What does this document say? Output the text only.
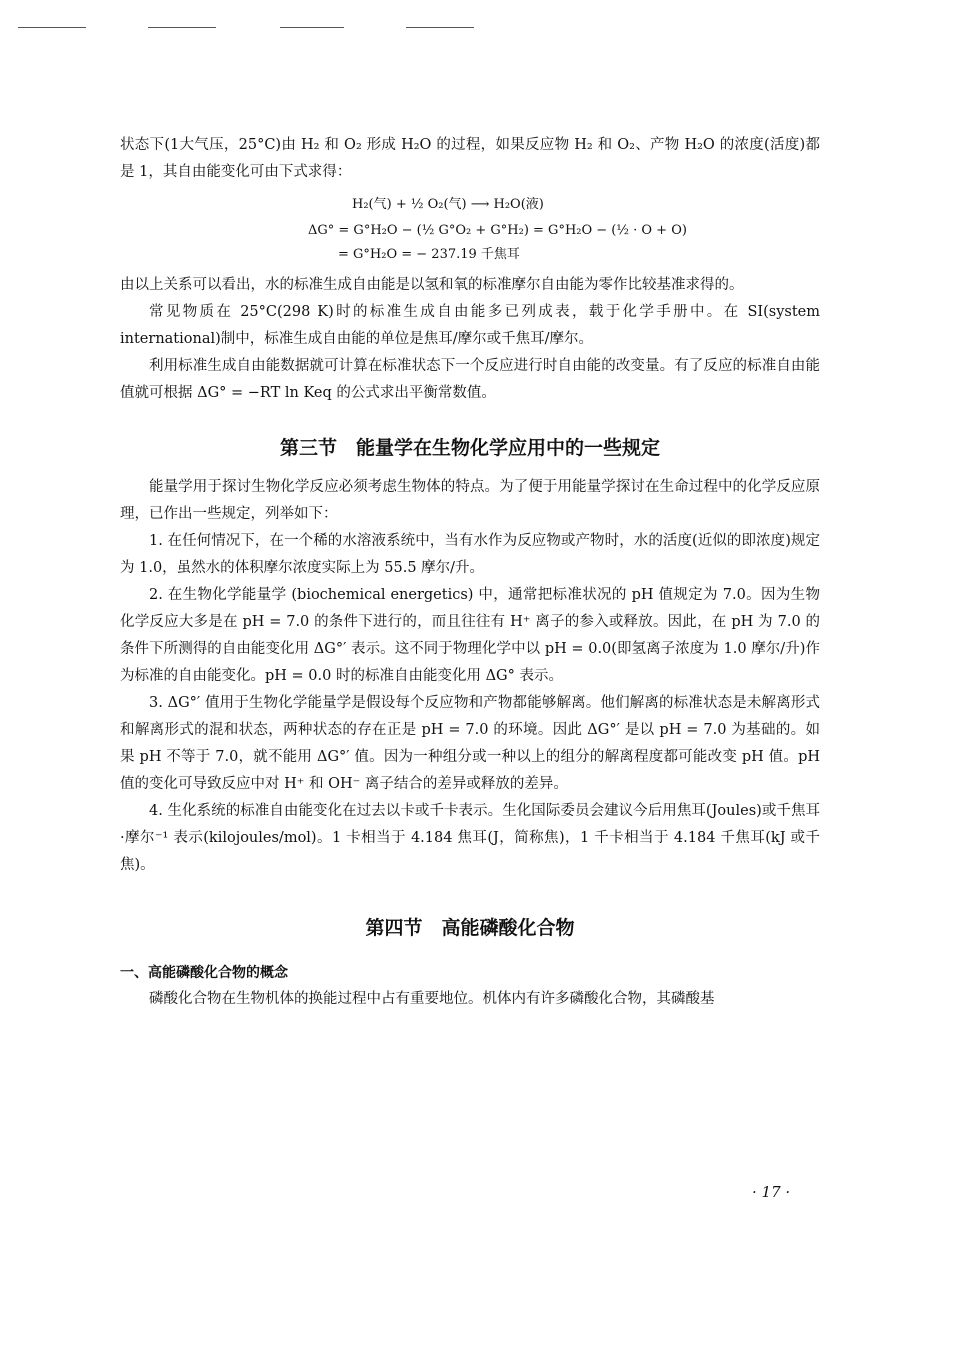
状态下(1大气压，25°C)由 H₂ 和 O₂ 形成 H₂O 的过程，如果反应物 H₂ 和 O₂、产物 H₂O 的浓度(活度)都是 1，其自由能变化可由下式求得：

H₂(气) + ½ O₂(气) ⟶ H₂O(液)

ΔG° = G°H₂O − (½ G°O₂ + G°H₂) = G°H₂O − (½ · O + O)

= G°H₂O = − 237.19 千焦耳

由以上关系可以看出，水的标准生成自由能是以氢和氧的标准摩尔自由能为零作比较基准求得的。

常见物质在 25°C(298 K)时的标准生成自由能多已列成表，载于化学手册中。在 SI(system international)制中，标准生成自由能的单位是焦耳/摩尔或千焦耳/摩尔。

利用标准生成自由能数据就可计算在标准状态下一个反应进行时自由能的改变量。有了反应的标准自由能值就可根据 ΔG° = −RT ln Keq 的公式求出平衡常数值。

第三节　能量学在生物化学应用中的一些规定

能量学用于探讨生物化学反应必须考虑生物体的特点。为了便于用能量学探讨在生命过程中的化学反应原理，已作出一些规定，列举如下：

1. 在任何情况下，在一个稀的水溶液系统中，当有水作为反应物或产物时，水的活度(近似的即浓度)规定为 1.0，虽然水的体积摩尔浓度实际上为 55.5 摩尔/升。

2. 在生物化学能量学 (biochemical energetics) 中，通常把标准状况的 pH 值规定为 7.0。因为生物化学反应大多是在 pH = 7.0 的条件下进行的，而且往往有 H⁺ 离子的参入或释放。因此，在 pH 为 7.0 的条件下所测得的自由能变化用 ΔG°′ 表示。这不同于物理化学中以 pH = 0.0(即氢离子浓度为 1.0 摩尔/升)作为标准的自由能变化。pH = 0.0 时的标准自由能变化用 ΔG° 表示。

3. ΔG°′ 值用于生物化学能量学是假设每个反应物和产物都能够解离。他们解离的标准状态是未解离形式和解离形式的混和状态，两种状态的存在正是 pH = 7.0 的环境。因此 ΔG°′ 是以 pH = 7.0 为基础的。如果 pH 不等于 7.0，就不能用 ΔG°′ 值。因为一种组分或一种以上的组分的解离程度都可能改变 pH 值。pH 值的变化可导致反应中对 H⁺ 和 OH⁻ 离子结合的差异或释放的差异。

4. 生化系统的标准自由能变化在过去以卡或千卡表示。生化国际委员会建议今后用焦耳(Joules)或千焦耳·摩尔⁻¹ 表示(kilojoules/mol)。1 卡相当于 4.184 焦耳(J，简称焦)，1 千卡相当于 4.184 千焦耳(kJ 或千焦)。

第四节　高能磷酸化合物
一、高能磷酸化合物的概念

磷酸化合物在生物机体的换能过程中占有重要地位。机体内有许多磷酸化合物，其磷酸基

· 17 ·
